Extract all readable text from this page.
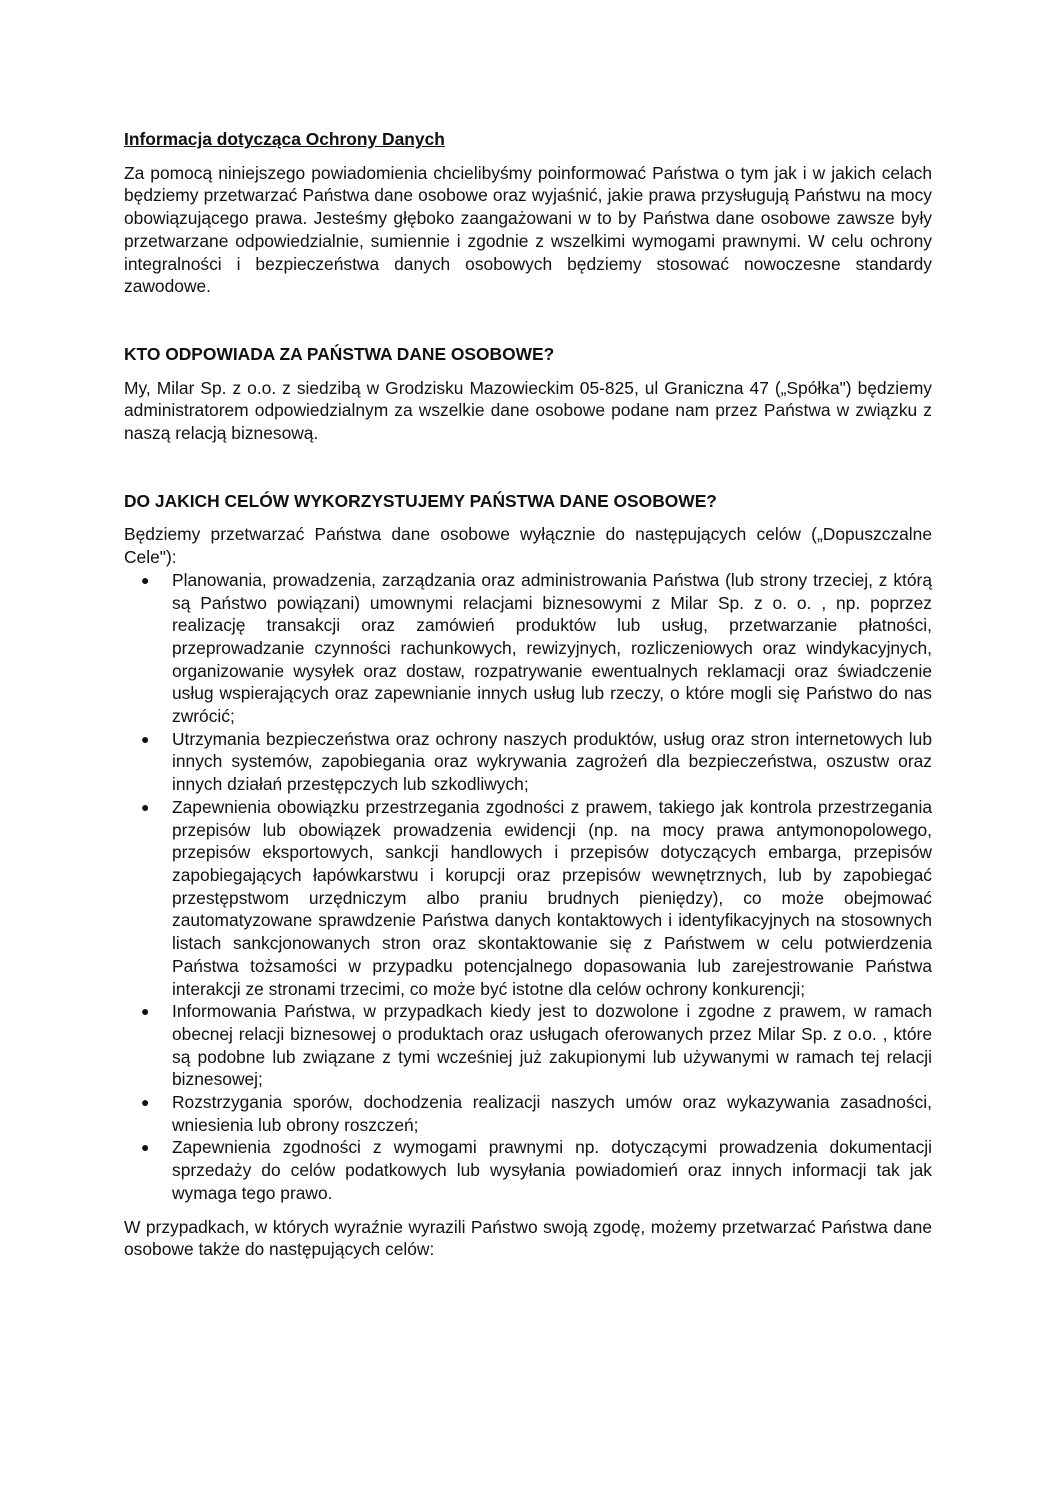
Informacja dotycząca Ochrony Danych

Za pomocą niniejszego powiadomienia chcielibyśmy poinformować Państwa o tym jak i w jakich celach będziemy przetwarzać Państwa dane osobowe oraz wyjaśnić, jakie prawa przysługują Państwu na mocy obowiązującego prawa. Jesteśmy głęboko zaangażowani w to by Państwa dane osobowe zawsze były przetwarzane odpowiedzialnie, sumiennie i zgodnie z wszelkimi wymogami prawnymi. W celu ochrony integralności i bezpieczeństwa danych osobowych będziemy stosować nowoczesne standardy zawodowe.

KTO ODPOWIADA ZA PAŃSTWA DANE OSOBOWE?

My, Milar Sp. z o.o. z siedzibą w Grodzisku Mazowieckim 05-825, ul Graniczna 47 („Spółka") będziemy administratorem odpowiedzialnym za wszelkie dane osobowe podane nam przez Państwa w związku z naszą relacją biznesową.

DO JAKICH CELÓW WYKORZYSTUJEMY PAŃSTWA DANE OSOBOWE?

Będziemy przetwarzać Państwa dane osobowe wyłącznie do następujących celów („Dopuszczalne Cele"):

● Planowania, prowadzenia, zarządzania oraz administrowania Państwa (lub strony trzeciej, z którą są Państwo powiązani) umownymi relacjami biznesowymi z Milar Sp. z o. o. , np. poprzez realizację transakcji oraz zamówień produktów lub usług, przetwarzanie płatności, przeprowadzanie czynności rachunkowych, rewizyjnych, rozliczeniowych oraz windykacyjnych, organizowanie wysyłek oraz dostaw, rozpatrywanie ewentualnych reklamacji oraz świadczenie usług wspierających oraz zapewnianie innych usług lub rzeczy, o które mogli się Państwo do nas zwrócić;
● Utrzymania bezpieczeństwa oraz ochrony naszych produktów, usług oraz stron internetowych lub innych systemów, zapobiegania oraz wykrywania zagrożeń dla bezpieczeństwa, oszustw oraz innych działań przestępczych lub szkodliwych;
● Zapewnienia obowiązku przestrzegania zgodności z prawem, takiego jak kontrola przestrzegania przepisów lub obowiązek prowadzenia ewidencji (np. na mocy prawa antymonopolowego, przepisów eksportowych, sankcji handlowych i przepisów dotyczących embarga, przepisów zapobiegających łapówkarstwu i korupcji oraz przepisów wewnętrznych, lub by zapobiegać przestępstwom urzędniczym albo praniu brudnych pieniędzy), co może obejmować zautomatyzowane sprawdzenie Państwa danych kontaktowych i identyfikacyjnych na stosownych listach sankcjonowanych stron oraz skontaktowanie się z Państwem w celu potwierdzenia Państwa tożsamości w przypadku potencjalnego dopasowania lub zarejestrowanie Państwa interakcji ze stronami trzecimi, co może być istotne dla celów ochrony konkurencji;
● Informowania Państwa, w przypadkach kiedy jest to dozwolone i zgodne z prawem, w ramach obecnej relacji biznesowej o produktach oraz usługach oferowanych przez Milar Sp. z o.o. , które są podobne lub związane z tymi wcześniej już zakupionymi lub używanymi w ramach tej relacji biznesowej;
● Rozstrzygania sporów, dochodzenia realizacji naszych umów oraz wykazywania zasadności, wniesienia lub obrony roszczeń;
● Zapewnienia zgodności z wymogami prawnymi np. dotyczącymi prowadzenia dokumentacji sprzedaży do celów podatkowych lub wysyłania powiadomień oraz innych informacji tak jak wymaga tego prawo.

W przypadkach, w których wyraźnie wyrazili Państwo swoją zgodę, możemy przetwarzać Państwa dane osobowe także do następujących celów:
